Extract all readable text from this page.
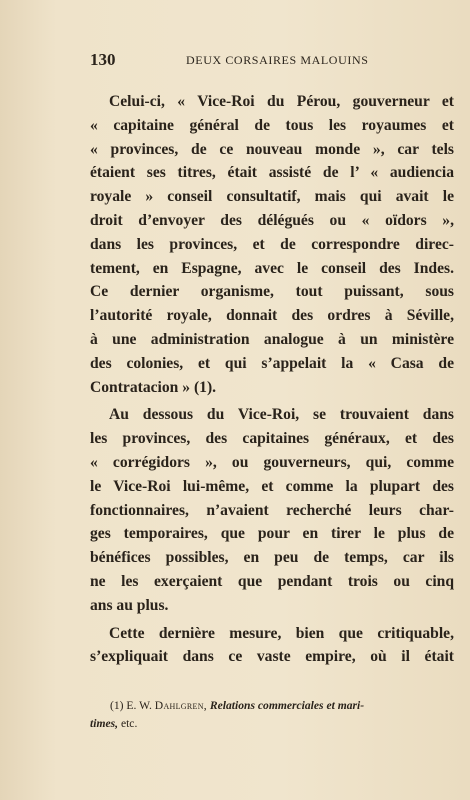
130	DEUX CORSAIRES MALOUINS
Celui-ci, « Vice-Roi du Pérou, gouverneur et
« capitaine général de tous les royaumes et
« provinces, de ce nouveau monde », car tels
étaient ses titres, était assisté de l’ « audiencia
royale » conseil consultatif, mais qui avait le
droit d’envoyer des délégués ou « oïdors »,
dans les provinces, et de correspondre direc-
tement, en Espagne, avec le conseil des Indes.
Ce dernier organisme, tout puissant, sous
l’autorité royale, donnait des ordres à Séville,
à une administration analogue à un ministère
des colonies, et qui s’appelait la « Casa de
Contratacion » (1).
Au dessous du Vice-Roi, se trouvaient dans
les provinces, des capitaines généraux, et des
« corrégidors », ou gouverneurs, qui, comme
le Vice-Roi lui-même, et comme la plupart des
fonctionnaires, n’avaient recherché leurs char-
ges temporaires, que pour en tirer le plus de
bénéfices possibles, en peu de temps, car ils
ne les exerçaient que pendant trois ou cinq
ans au plus.
Cette dernière mesure, bien que critiquable,
s’expliquait dans ce vaste empire, où il était
(1) E. W. Dahlgren, Relations commerciales et mari-
times, etc.
